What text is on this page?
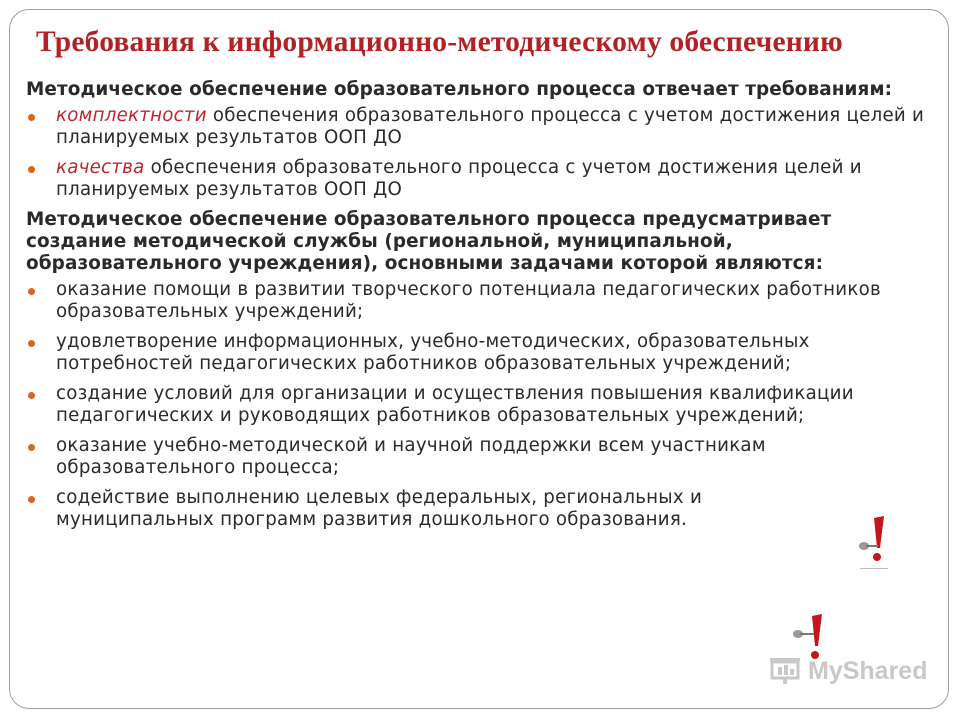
Требования к информационно-методическому обеспечению

Методическое обеспечение образовательного процесса отвечает требованиям:

комплектности обеспечения образовательного процесса с учетом достижения целей и планируемых результатов ООП ДО
качества обеспечения образовательного процесса с учетом достижения целей и планируемых результатов ООП ДО

Методическое обеспечение образовательного процесса предусматривает создание методической службы (региональной, муниципальной, образовательного учреждения), основными задачами которой являются:

оказание помощи в развитии творческого потенциала педагогических работников образовательных учреждений;
удовлетворение информационных, учебно-методических, образовательных потребностей педагогических работников образовательных учреждений;
создание условий для организации и осуществления повышения квалификации педагогических и руководящих работников образовательных учреждений;
оказание учебно-методической и научной поддержки всем участникам образовательного процесса;
содействие выполнению целевых федеральных, региональных и муниципальных программ развития дошкольного образования.
MyShared
